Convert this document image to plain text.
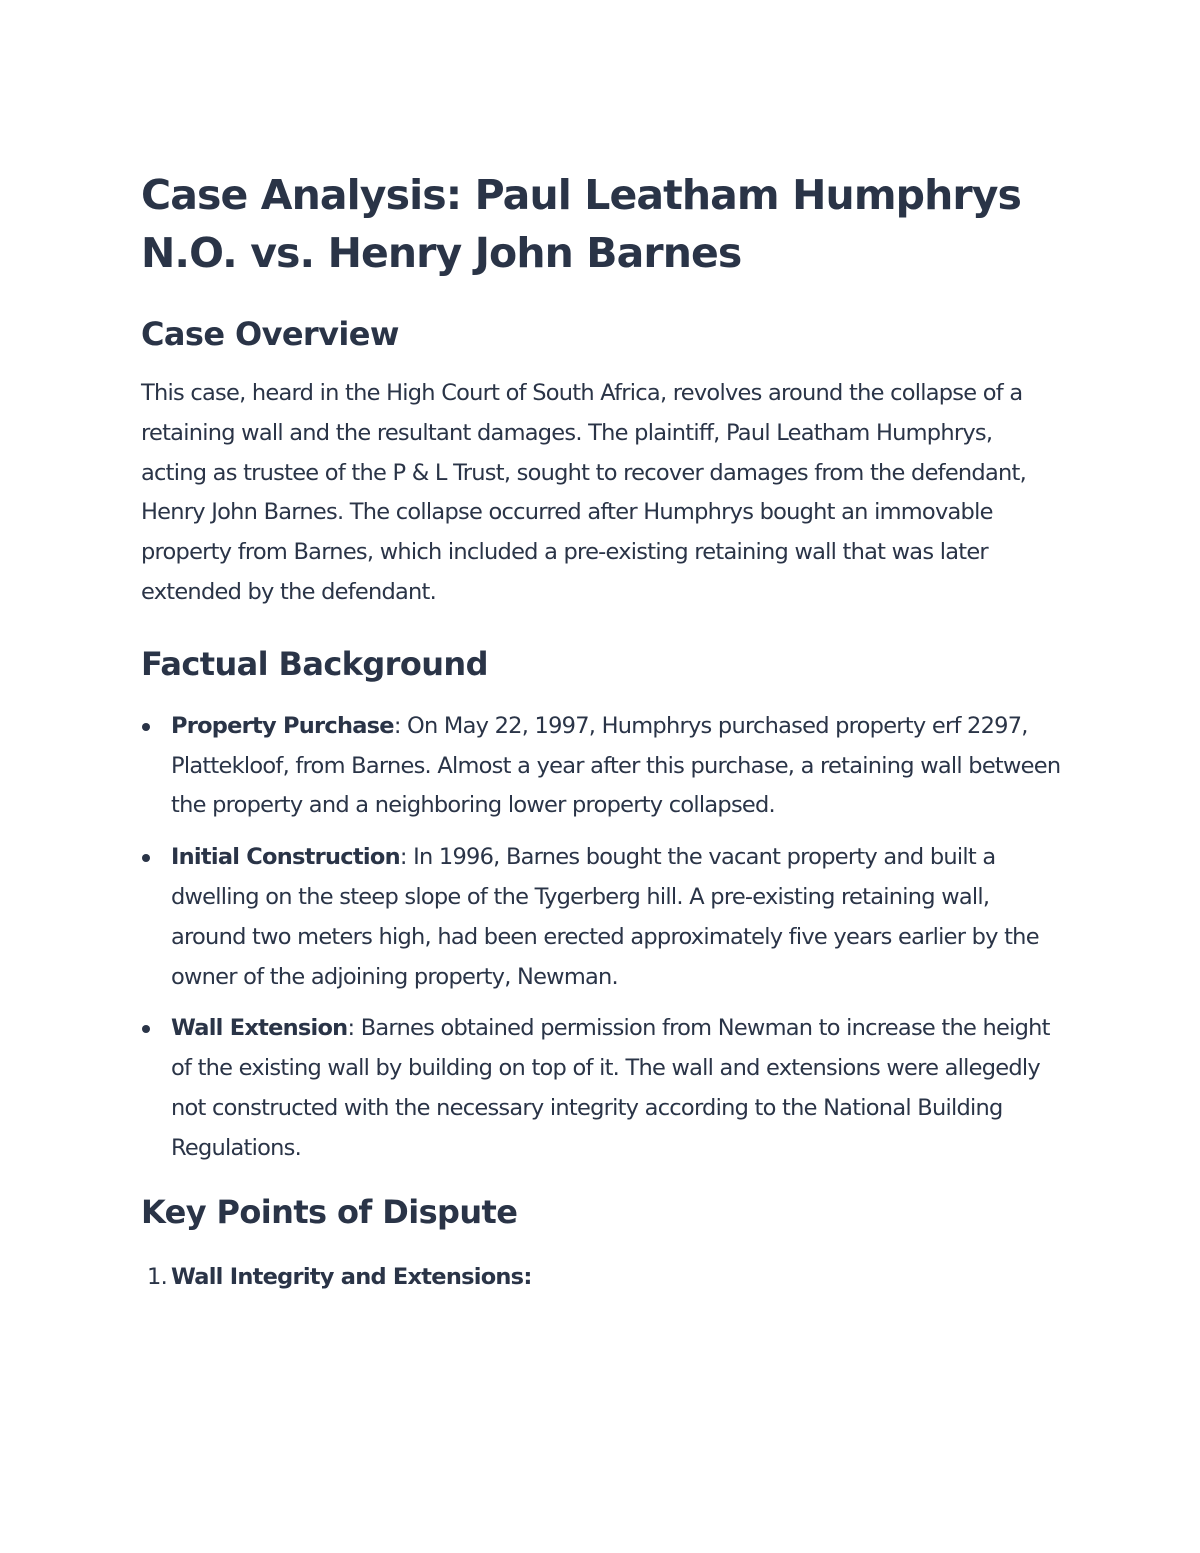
Case Analysis: Paul Leatham Humphrys N.O. vs. Henry John Barnes
Case Overview

This case, heard in the High Court of South Africa, revolves around the collapse of a retaining wall and the resultant damages. The plaintiff, Paul Leatham Humphrys, acting as trustee of the P & L Trust, sought to recover damages from the defendant, Henry John Barnes. The collapse occurred after Humphrys bought an immovable property from Barnes, which included a pre-existing retaining wall that was later extended by the defendant.

Factual Background
Property Purchase: On May 22, 1997, Humphrys purchased property erf 2297, Plattekloof, from Barnes. Almost a year after this purchase, a retaining wall between the property and a neighboring lower property collapsed.
Initial Construction: In 1996, Barnes bought the vacant property and built a dwelling on the steep slope of the Tygerberg hill. A pre-existing retaining wall, around two meters high, had been erected approximately five years earlier by the owner of the adjoining property, Newman.
Wall Extension: Barnes obtained permission from Newman to increase the height of the existing wall by building on top of it. The wall and extensions were allegedly not constructed with the necessary integrity according to the National Building Regulations.
Key Points of Dispute
1. Wall Integrity and Extensions:
